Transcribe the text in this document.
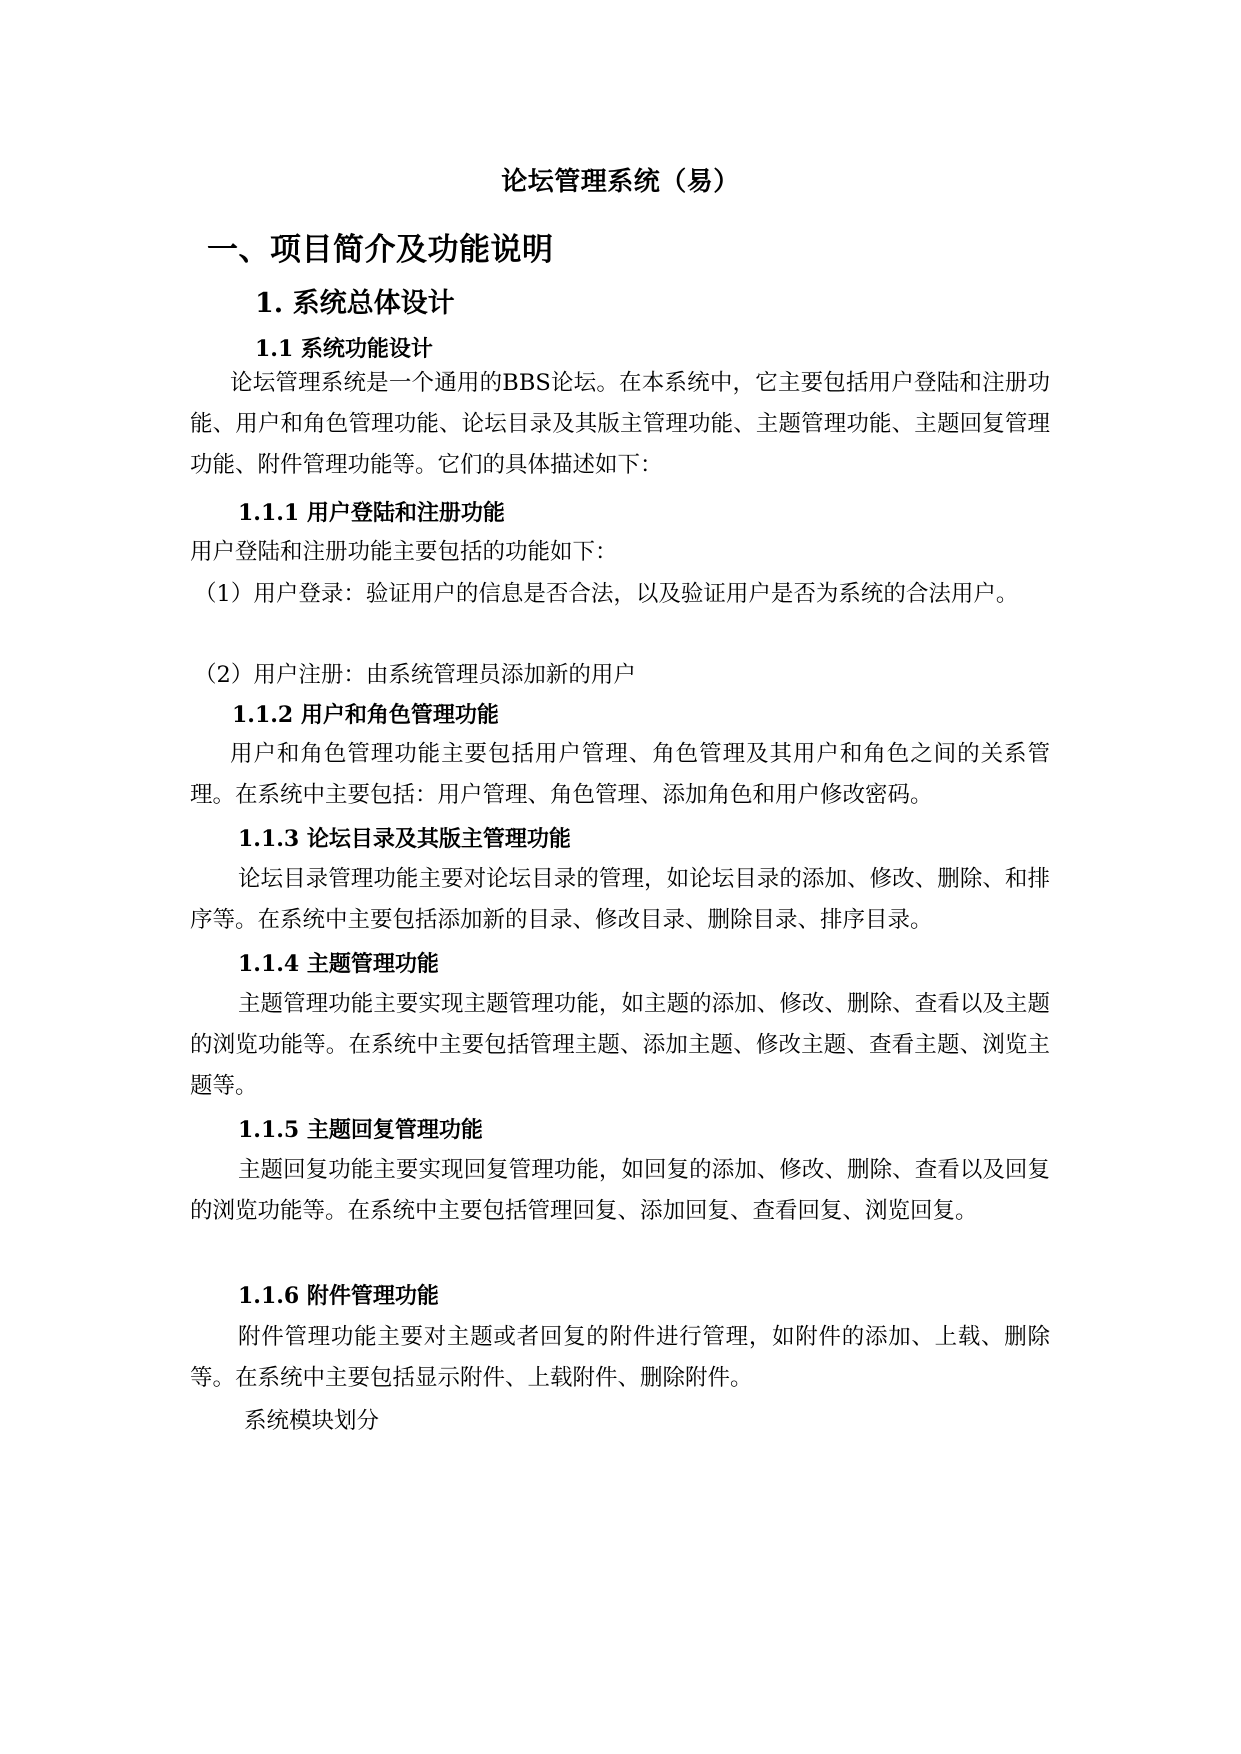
论坛管理系统（易）
一、项目简介及功能说明
1. 系统总体设计
1.1 系统功能设计
论坛管理系统是一个通用的BBS论坛。在本系统中，它主要包括用户登陆和注册功能、用户和角色管理功能、论坛目录及其版主管理功能、主题管理功能、主题回复管理功能、附件管理功能等。它们的具体描述如下：
1.1.1 用户登陆和注册功能
用户登陆和注册功能主要包括的功能如下：
（1）用户登录：验证用户的信息是否合法，以及验证用户是否为系统的合法用户。
（2）用户注册：由系统管理员添加新的用户
1.1.2 用户和角色管理功能
用户和角色管理功能主要包括用户管理、角色管理及其用户和角色之间的关系管理。在系统中主要包括：用户管理、角色管理、添加角色和用户修改密码。
1.1.3 论坛目录及其版主管理功能
论坛目录管理功能主要对论坛目录的管理，如论坛目录的添加、修改、删除、和排序等。在系统中主要包括添加新的目录、修改目录、删除目录、排序目录。
1.1.4 主题管理功能
主题管理功能主要实现主题管理功能，如主题的添加、修改、删除、查看以及主题的浏览功能等。在系统中主要包括管理主题、添加主题、修改主题、查看主题、浏览主题等。
1.1.5 主题回复管理功能
主题回复功能主要实现回复管理功能，如回复的添加、修改、删除、查看以及回复的浏览功能等。在系统中主要包括管理回复、添加回复、查看回复、浏览回复。
1.1.6 附件管理功能
附件管理功能主要对主题或者回复的附件进行管理，如附件的添加、上载、删除等。在系统中主要包括显示附件、上载附件、删除附件。
系统模块划分
